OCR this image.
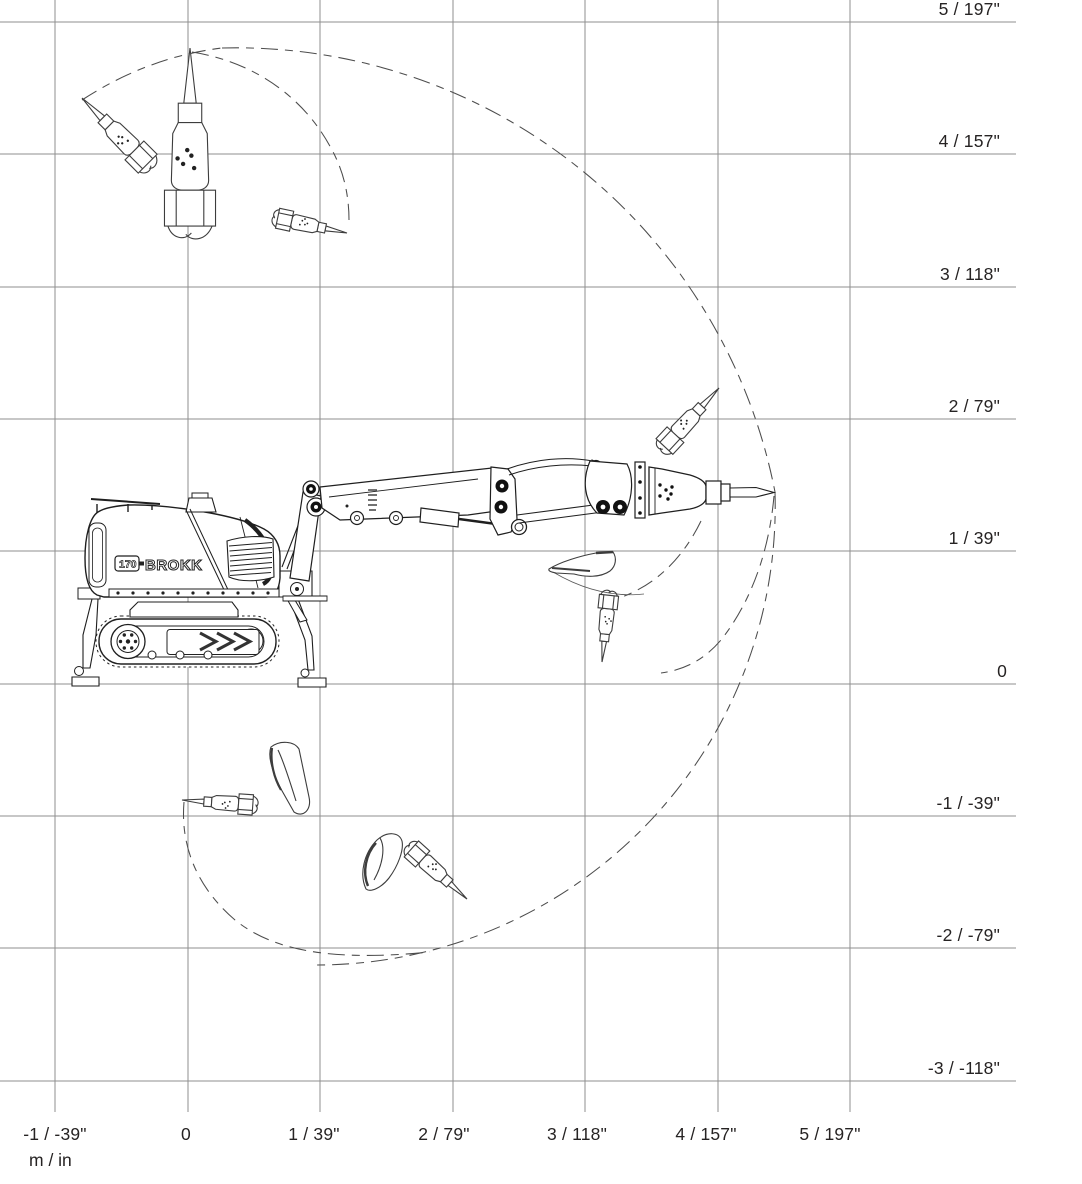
170 BROKK
5 / 197"
4 / 157"
3 / 118"
2 / 79"
1 / 39"
0
-1 / -39"
-2 / -79"
-3 / -118"
-1 / -39"	0	1 / 39"	2 / 79"	3 / 118"	4 / 157"	5 / 197"
m / in
